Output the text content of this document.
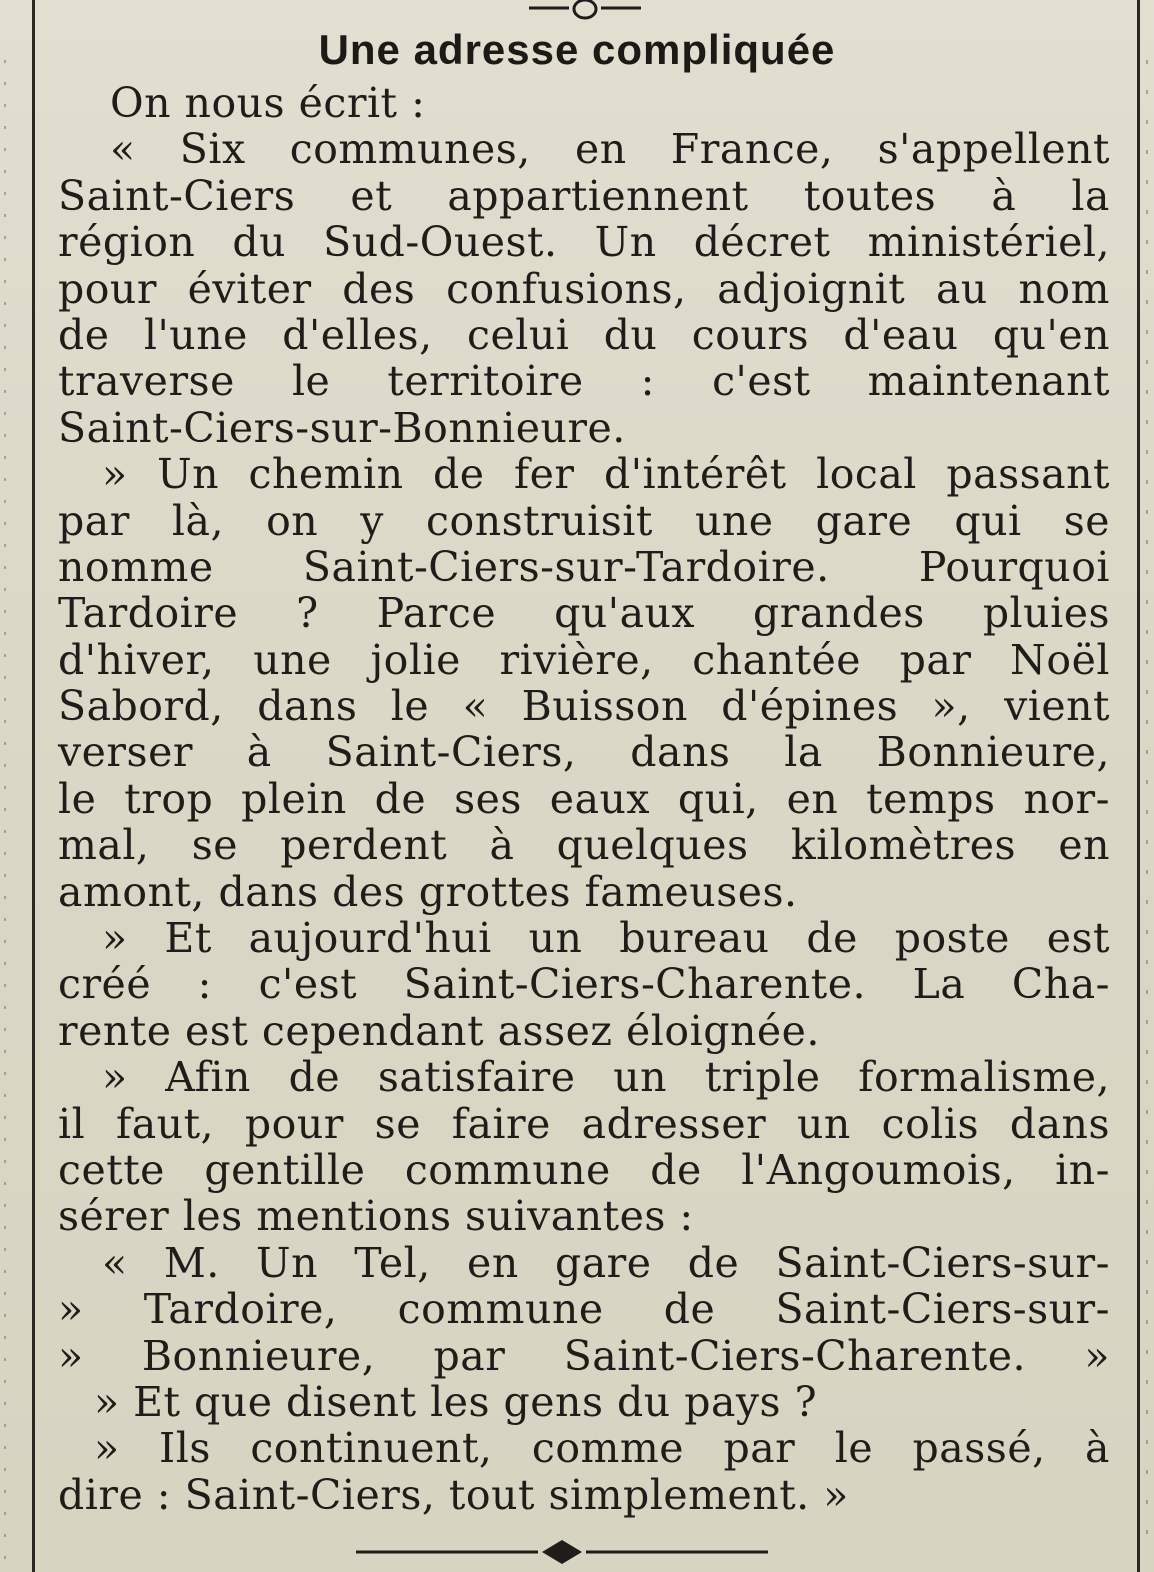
Une adresse compliquée
On nous écrit :
« Six communes, en France, s'appellent
Saint-Ciers et appartiennent toutes à la
région du Sud-Ouest. Un décret ministériel,
pour éviter des confusions, adjoignit au nom
de l'une d'elles, celui du cours d'eau qu'en
traverse le territoire : c'est maintenant
Saint-Ciers-sur-Bonnieure.
» Un chemin de fer d'intérêt local passant
par là, on y construisit une gare qui se
nomme Saint-Ciers-sur-Tardoire. Pourquoi
Tardoire ? Parce qu'aux grandes pluies
d'hiver, une jolie rivière, chantée par Noël
Sabord, dans le « Buisson d'épines », vient
verser à Saint-Ciers, dans la Bonnieure,
le trop plein de ses eaux qui, en temps nor-
mal, se perdent à quelques kilomètres en
amont, dans des grottes fameuses.
» Et aujourd'hui un bureau de poste est
créé : c'est Saint-Ciers-Charente. La Cha-
rente est cependant assez éloignée.
» Afin de satisfaire un triple formalisme,
il faut, pour se faire adresser un colis dans
cette gentille commune de l'Angoumois, in-
sérer les mentions suivantes :
« M. Un Tel, en gare de Saint-Ciers-sur-
» Tardoire, commune de Saint-Ciers-sur-
» Bonnieure, par Saint-Ciers-Charente. »
» Et que disent les gens du pays ?
» Ils continuent, comme par le passé, à
dire : Saint-Ciers, tout simplement. »
